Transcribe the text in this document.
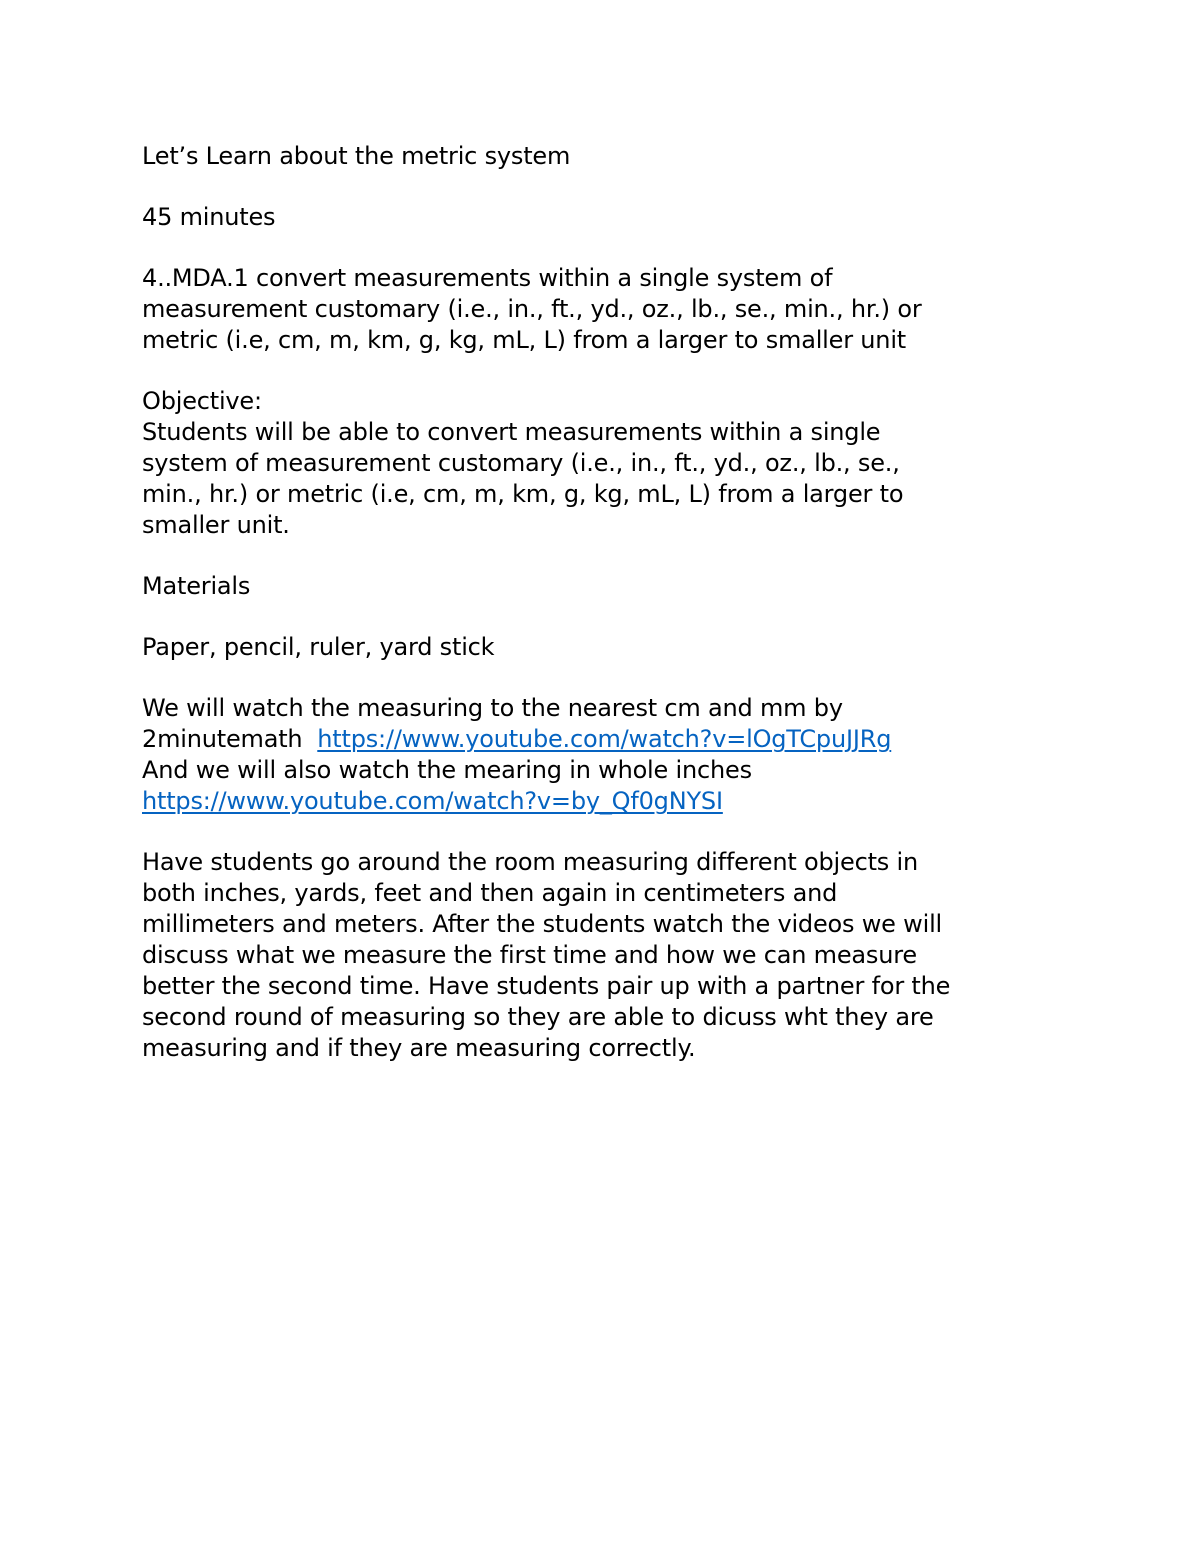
Let’s Learn about the metric system

45 minutes

4..MDA.1 convert measurements within a single system of
measurement customary (i.e., in., ft., yd., oz., lb., se., min., hr.) or
metric (i.e, cm, m, km, g, kg, mL, L) from a larger to smaller unit

Objective:
Students will be able to convert measurements within a single
system of measurement customary (i.e., in., ft., yd., oz., lb., se.,
min., hr.) or metric (i.e, cm, m, km, g, kg, mL, L) from a larger to
smaller unit.

Materials

Paper, pencil, ruler, yard stick

We will watch the measuring to the nearest cm and mm by
2minutemath  https://www.youtube.com/watch?v=lOgTCpuJJRg
And we will also watch the mearing in whole inches
https://www.youtube.com/watch?v=by_Qf0gNYSI

Have students go around the room measuring different objects in
both inches, yards, feet and then again in centimeters and
millimeters and meters. After the students watch the videos we will
discuss what we measure the first time and how we can measure
better the second time. Have students pair up with a partner for the
second round of measuring so they are able to dicuss wht they are
measuring and if they are measuring correctly.
